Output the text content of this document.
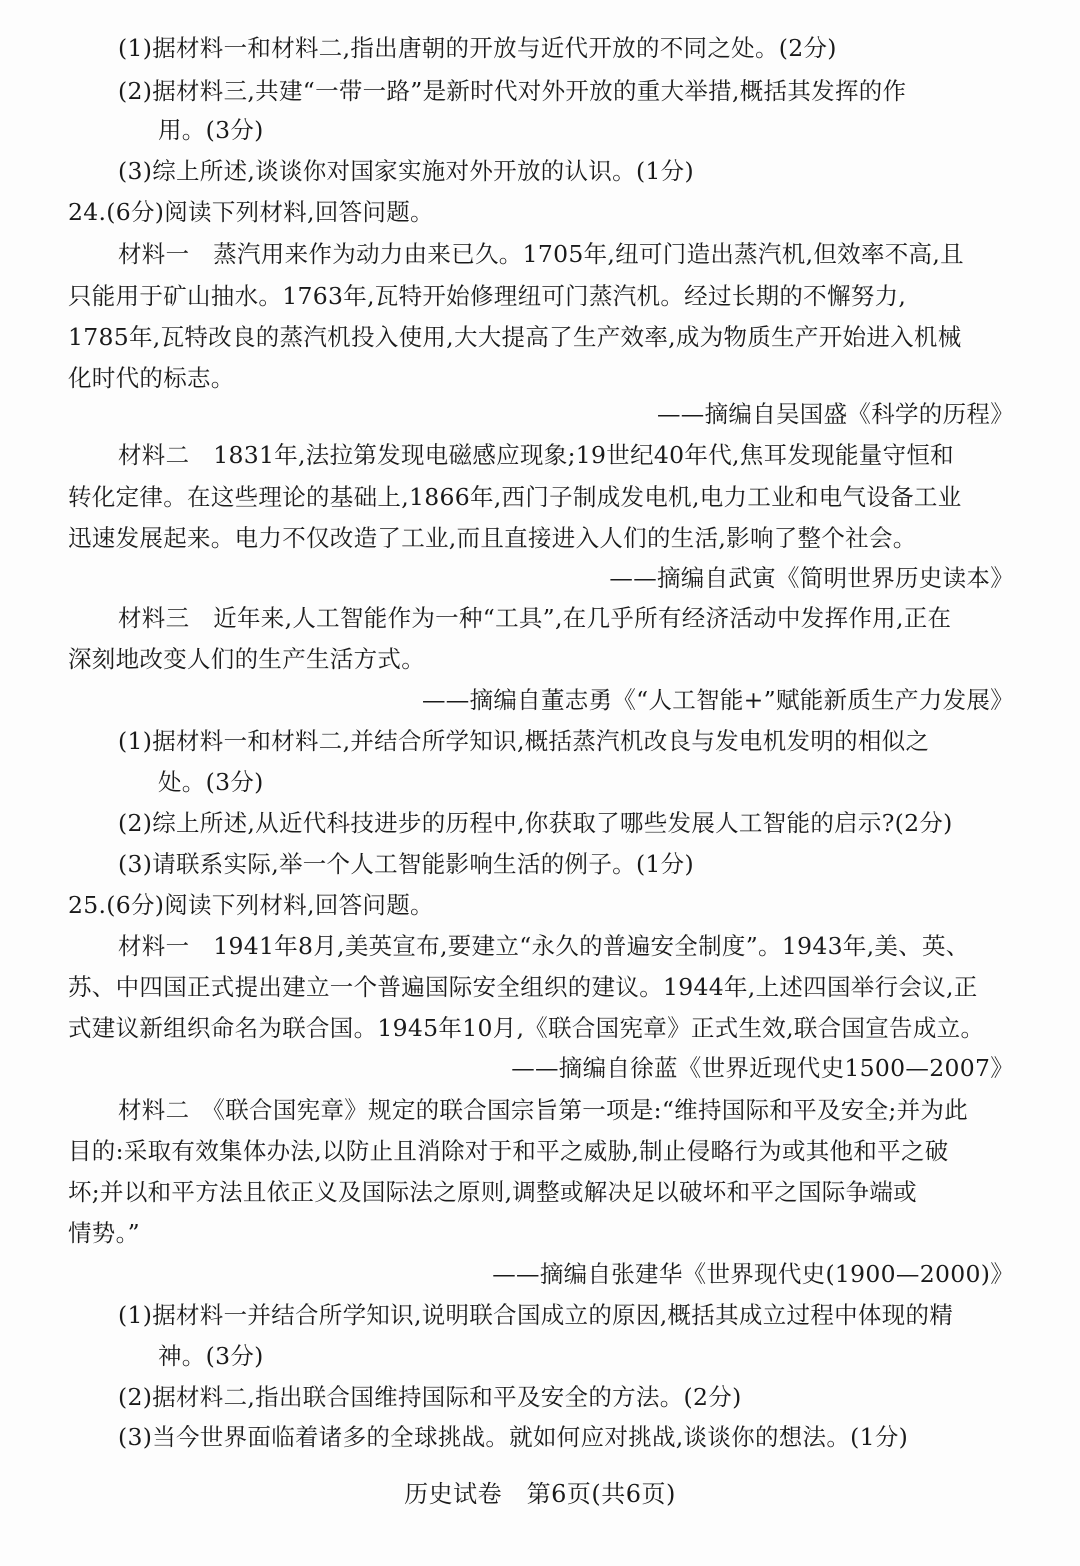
(1)据材料一和材料二,指出唐朝的开放与近代开放的不同之处。(2分)
(2)据材料三,共建“一带一路”是新时代对外开放的重大举措,概括其发挥的作
用。(3分)
(3)综上所述,谈谈你对国家实施对外开放的认识。(1分)
24.(6分)阅读下列材料,回答问题。
材料一　蒸汽用来作为动力由来已久。1705年,纽可门造出蒸汽机,但效率不高,且
只能用于矿山抽水。1763年,瓦特开始修理纽可门蒸汽机。经过长期的不懈努力,
1785年,瓦特改良的蒸汽机投入使用,大大提高了生产效率,成为物质生产开始进入机械
化时代的标志。
——摘编自吴国盛《科学的历程》
材料二　1831年,法拉第发现电磁感应现象;19世纪40年代,焦耳发现能量守恒和
转化定律。在这些理论的基础上,1866年,西门子制成发电机,电力工业和电气设备工业
迅速发展起来。电力不仅改造了工业,而且直接进入人们的生活,影响了整个社会。
——摘编自武寅《简明世界历史读本》
材料三　近年来,人工智能作为一种“工具”,在几乎所有经济活动中发挥作用,正在
深刻地改变人们的生产生活方式。
——摘编自董志勇《“人工智能+”赋能新质生产力发展》
(1)据材料一和材料二,并结合所学知识,概括蒸汽机改良与发电机发明的相似之
处。(3分)
(2)综上所述,从近代科技进步的历程中,你获取了哪些发展人工智能的启示?(2分)
(3)请联系实际,举一个人工智能影响生活的例子。(1分)
25.(6分)阅读下列材料,回答问题。
材料一　1941年8月,美英宣布,要建立“永久的普遍安全制度”。1943年,美、英、
苏、中四国正式提出建立一个普遍国际安全组织的建议。1944年,上述四国举行会议,正
式建议新组织命名为联合国。1945年10月,《联合国宪章》正式生效,联合国宣告成立。
——摘编自徐蓝《世界近现代史1500—2007》
材料二　《联合国宪章》规定的联合国宗旨第一项是:“维持国际和平及安全;并为此
目的:采取有效集体办法,以防止且消除对于和平之威胁,制止侵略行为或其他和平之破
坏;并以和平方法且依正义及国际法之原则,调整或解决足以破坏和平之国际争端或
情势。”
——摘编自张建华《世界现代史(1900—2000)》
(1)据材料一并结合所学知识,说明联合国成立的原因,概括其成立过程中体现的精
神。(3分)
(2)据材料二,指出联合国维持国际和平及安全的方法。(2分)
(3)当今世界面临着诸多的全球挑战。就如何应对挑战,谈谈你的想法。(1分)
历史试卷　第6页(共6页)
